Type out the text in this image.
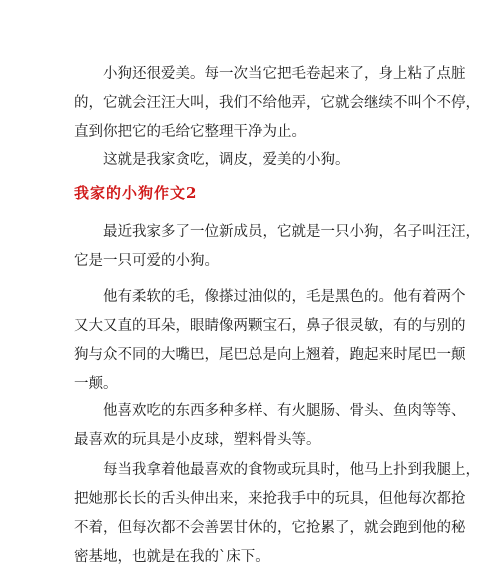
小狗还很爱美。每一次当它把毛卷起来了，身上粘了点脏
的，它就会汪汪大叫，我们不给他弄，它就会继续不叫个不停，
直到你把它的毛给它整理干净为止。
这就是我家贪吃，调皮，爱美的小狗。
我家的小狗作文2
最近我家多了一位新成员，它就是一只小狗，名子叫汪汪，
它是一只可爱的小狗。
他有柔软的毛，像搽过油似的，毛是黑色的。他有着两个
又大又直的耳朵，眼睛像两颗宝石，鼻子很灵敏，有的与别的
狗与众不同的大嘴巴，尾巴总是向上翘着，跑起来时尾巴一颠
一颠。
他喜欢吃的东西多种多样、有火腿肠、骨头、鱼肉等等、
最喜欢的玩具是小皮球，塑料骨头等。
每当我拿着他最喜欢的食物或玩具时，他马上扑到我腿上，
把她那长长的舌头伸出来，来抢我手中的玩具，但他每次都抢
不着，但每次都不会善罢甘休的，它抢累了，就会跑到他的秘
密基地，也就是在我的`床下。
